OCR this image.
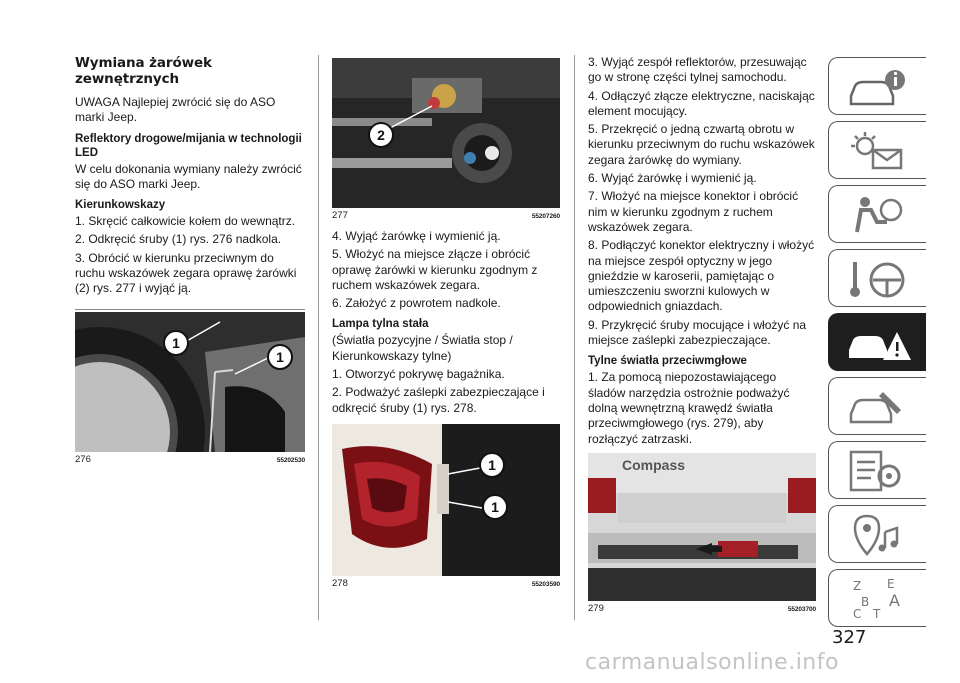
Wymiana żarówek zewnętrznych

UWAGA Najlepiej zwrócić się do ASO marki Jeep.

Reflektory drogowe/mijania w technologii LED

W celu dokonania wymiany należy zwrócić się do ASO marki Jeep.

Kierunkowskazy

1. Skręcić całkowicie kołem do wewnątrz.

2. Odkręcić śruby (1) rys. 276 nadkola.

3. Obrócić w kierunku przeciwnym do ruchu wskazówek zegara oprawę żarówki (2) rys. 277 i wyjąć ją.

1
1
276	55202530
2
277	55207260

4. Wyjąć żarówkę i wymienić ją.

5. Włożyć na miejsce złącze i obrócić oprawę żarówki w kierunku zgodnym z ruchem wskazówek zegara.

6. Założyć z powrotem nadkole.

Lampa tylna stała

(Światła pozycyjne / Światła stop / Kierunkowskazy tylne)

1. Otworzyć pokrywę bagażnika.

2. Podważyć zaślepki zabezpieczające i odkręcić śruby (1) rys. 278.

1
1
278	55203590

3. Wyjąć zespół reflektorów, przesuwając go w stronę części tylnej samochodu.

4. Odłączyć złącze elektryczne, naciskając element mocujący.

5. Przekręcić o jedną czwartą obrotu w kierunku przeciwnym do ruchu wskazówek zegara żarówkę do wymiany.

6. Wyjąć żarówkę i wymienić ją.

7. Włożyć na miejsce konektor i obrócić nim w kierunku zgodnym z ruchem wskazówek zegara.

8. Podłączyć konektor elektryczny i włożyć na miejsce zespół optyczny w jego gnieździe w karoserii, pamiętając o umieszczeniu sworzni kulowych w odpowiednich gniazdach.

9. Przykręcić śruby mocujące i włożyć na miejsce zaślepki zabezpieczające.

Tylne światła przeciwmgłowe

1. Za pomocą niepozostawiającego śladów narzędzia ostrożnie podważyć dolną wewnętrzną krawędź światła przeciwmgłowego (rys. 279), aby rozłączyć zatrzaski.

Compass
279	55203700
Z E
B A
C T
327
carmanualsonline.info
